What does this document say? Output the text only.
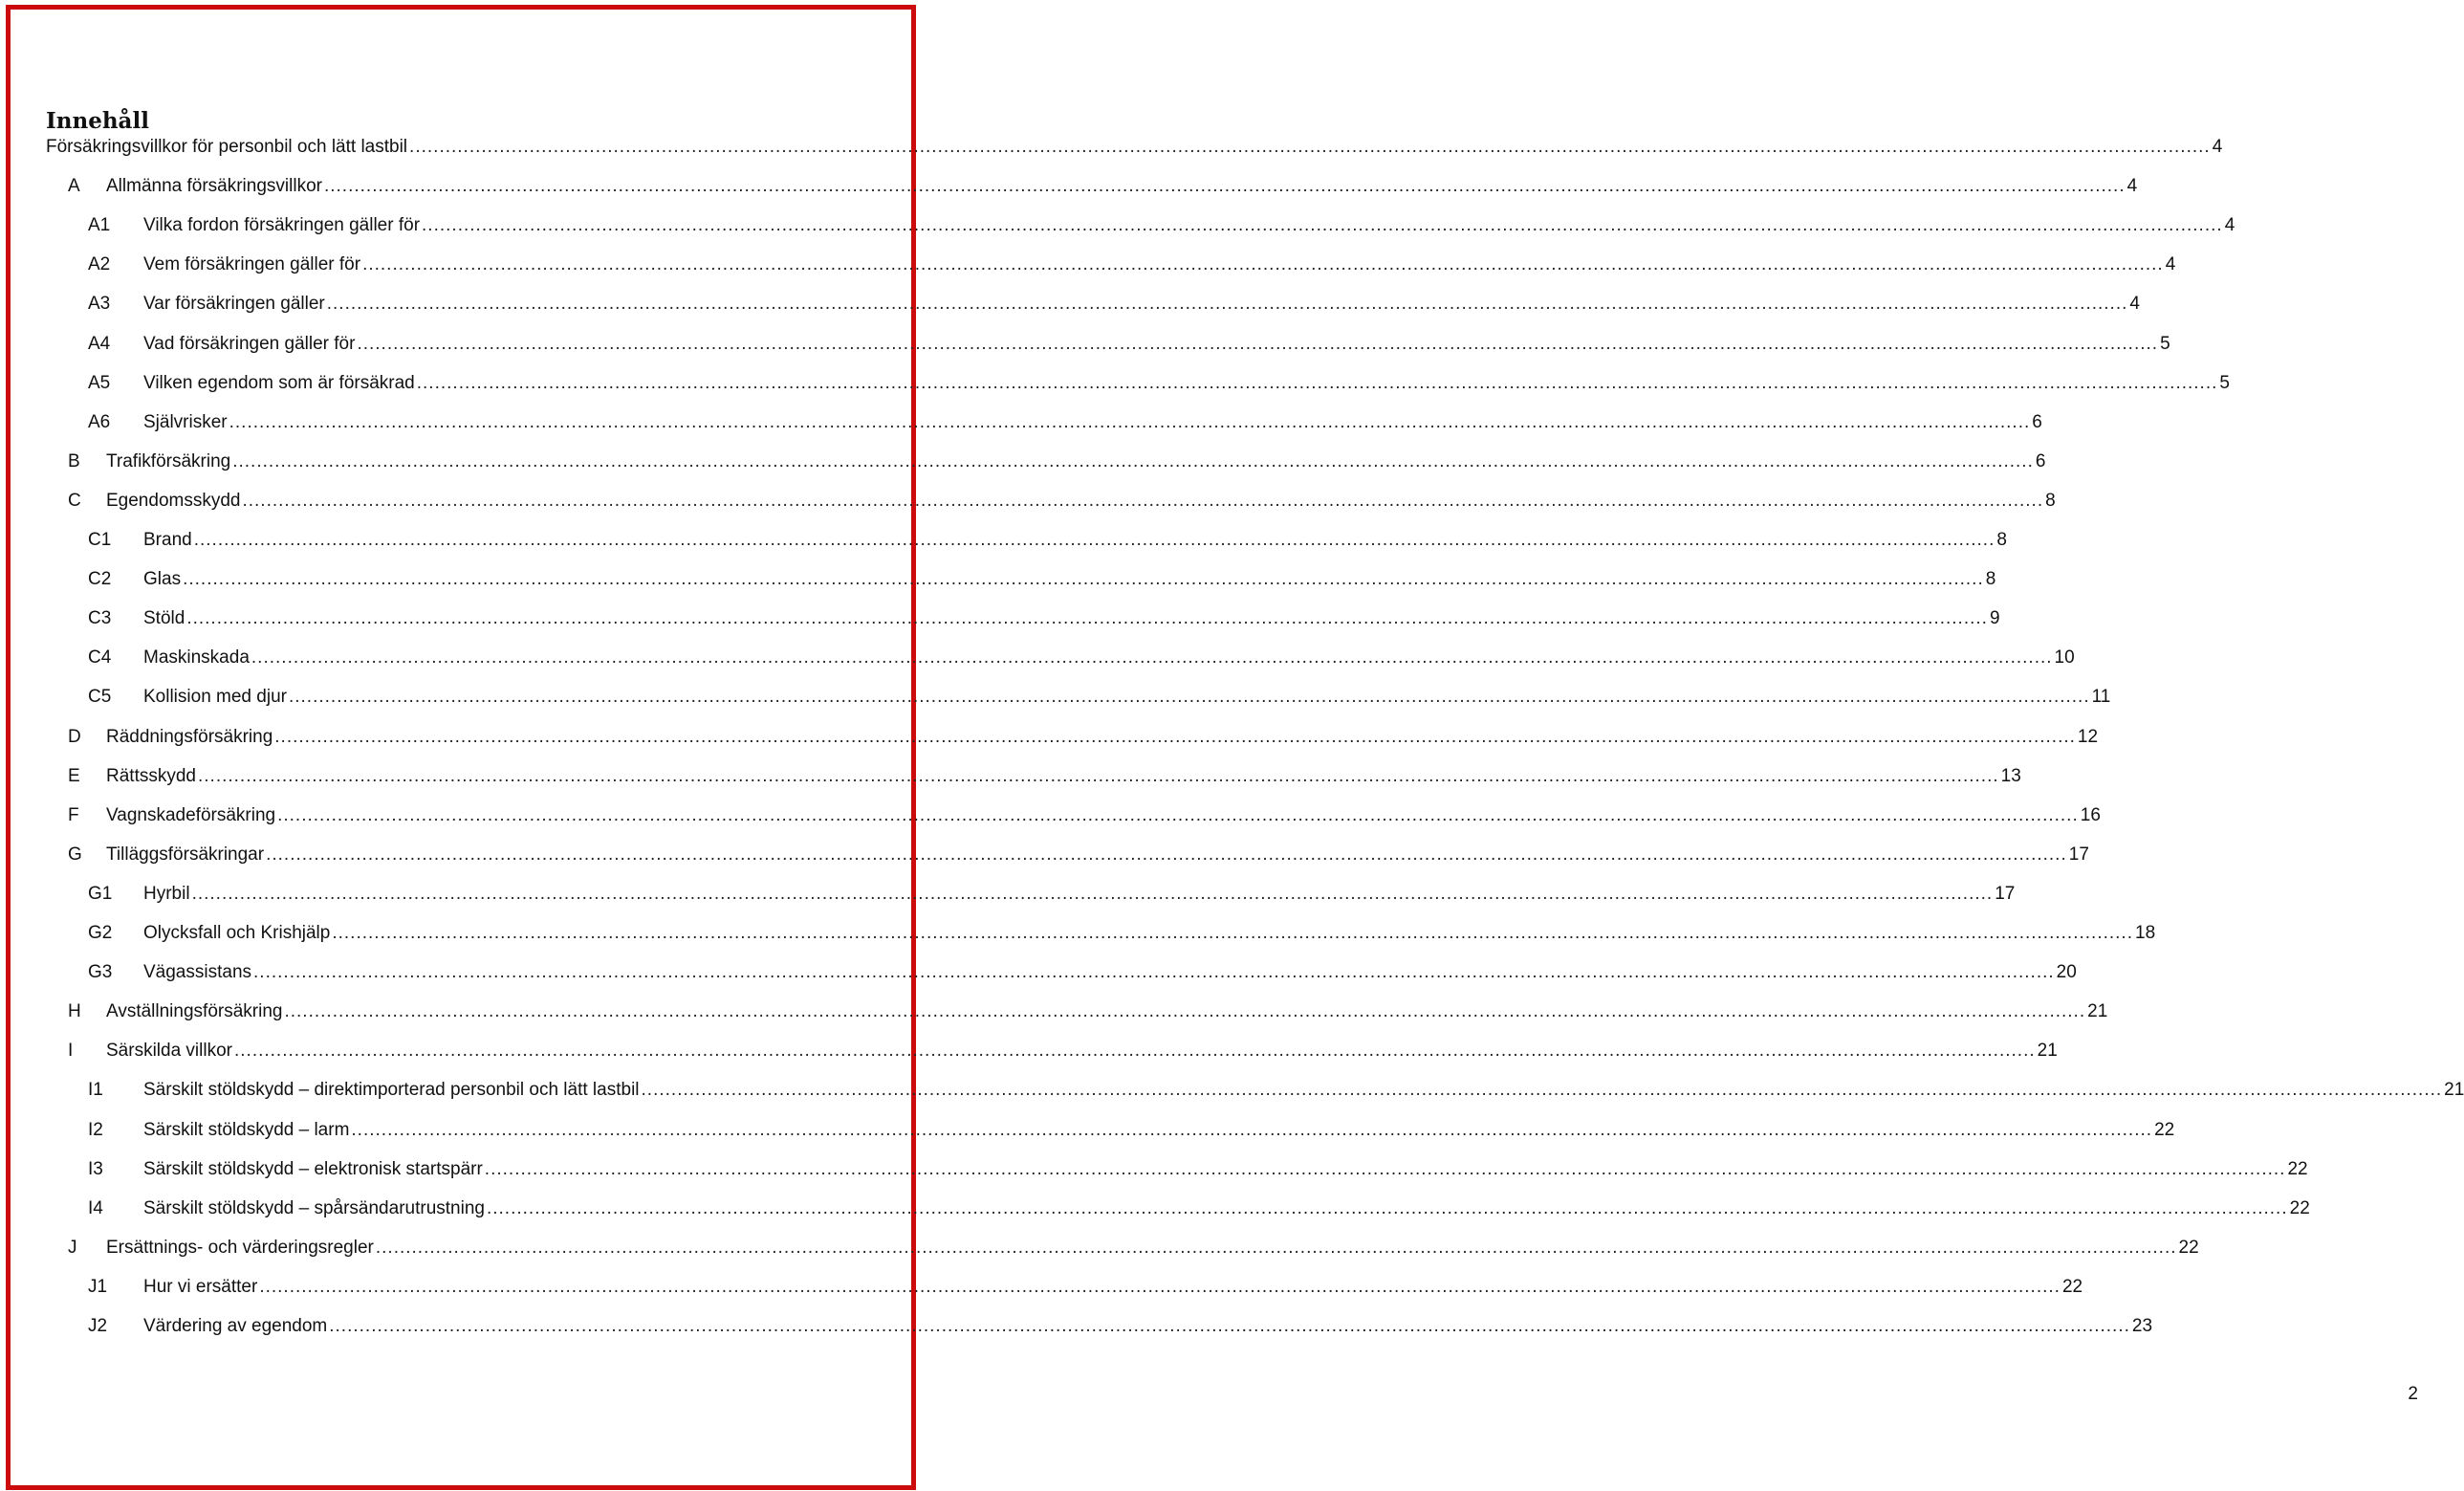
Innehåll
Försäkringsvillkor för personbil och lätt lastbil ............................................................................................................................................................................................................................................................................................................ 4
A	Allmänna försäkringsvillkor ............................................................................................................................................................................................................................................................................................................ 4
A1	Vilka fordon försäkringen gäller för ............................................................................................................................................................................................................................................................................................................ 4
A2	Vem försäkringen gäller för ............................................................................................................................................................................................................................................................................................................ 4
A3	Var försäkringen gäller ............................................................................................................................................................................................................................................................................................................ 4
A4	Vad försäkringen gäller för ............................................................................................................................................................................................................................................................................................................ 5
A5	Vilken egendom som är försäkrad ............................................................................................................................................................................................................................................................................................................ 5
A6	Självrisker ............................................................................................................................................................................................................................................................................................................ 6
B	Trafikförsäkring ............................................................................................................................................................................................................................................................................................................ 6
C	Egendomsskydd ............................................................................................................................................................................................................................................................................................................ 8
C1	Brand ............................................................................................................................................................................................................................................................................................................ 8
C2	Glas ............................................................................................................................................................................................................................................................................................................ 8
C3	Stöld ............................................................................................................................................................................................................................................................................................................ 9
C4	Maskinskada ............................................................................................................................................................................................................................................................................................................ 10
C5	Kollision med djur ............................................................................................................................................................................................................................................................................................................ 11
D	Räddningsförsäkring ............................................................................................................................................................................................................................................................................................................ 12
E	Rättsskydd ............................................................................................................................................................................................................................................................................................................ 13
F	Vagnskadeförsäkring ............................................................................................................................................................................................................................................................................................................ 16
G	Tilläggsförsäkringar ............................................................................................................................................................................................................................................................................................................ 17
G1	Hyrbil ............................................................................................................................................................................................................................................................................................................ 17
G2	Olycksfall och Krishjälp ............................................................................................................................................................................................................................................................................................................ 18
G3	Vägassistans ............................................................................................................................................................................................................................................................................................................ 20
H	Avställningsförsäkring ............................................................................................................................................................................................................................................................................................................ 21
I	Särskilda villkor ............................................................................................................................................................................................................................................................................................................ 21
I1	Särskilt stöldskydd – direktimporterad personbil och lätt lastbil ............................................................................................................................................................................................................................................................................................................ 21
I2	Särskilt stöldskydd – larm ............................................................................................................................................................................................................................................................................................................ 22
I3	Särskilt stöldskydd – elektronisk startspärr ............................................................................................................................................................................................................................................................................................................ 22
I4	Särskilt stöldskydd – spårsändarutrustning ............................................................................................................................................................................................................................................................................................................ 22
J	Ersättnings- och värderingsregler ............................................................................................................................................................................................................................................................................................................ 22
J1	Hur vi ersätter ............................................................................................................................................................................................................................................................................................................ 22
J2	Värdering av egendom ............................................................................................................................................................................................................................................................................................................ 23
2
